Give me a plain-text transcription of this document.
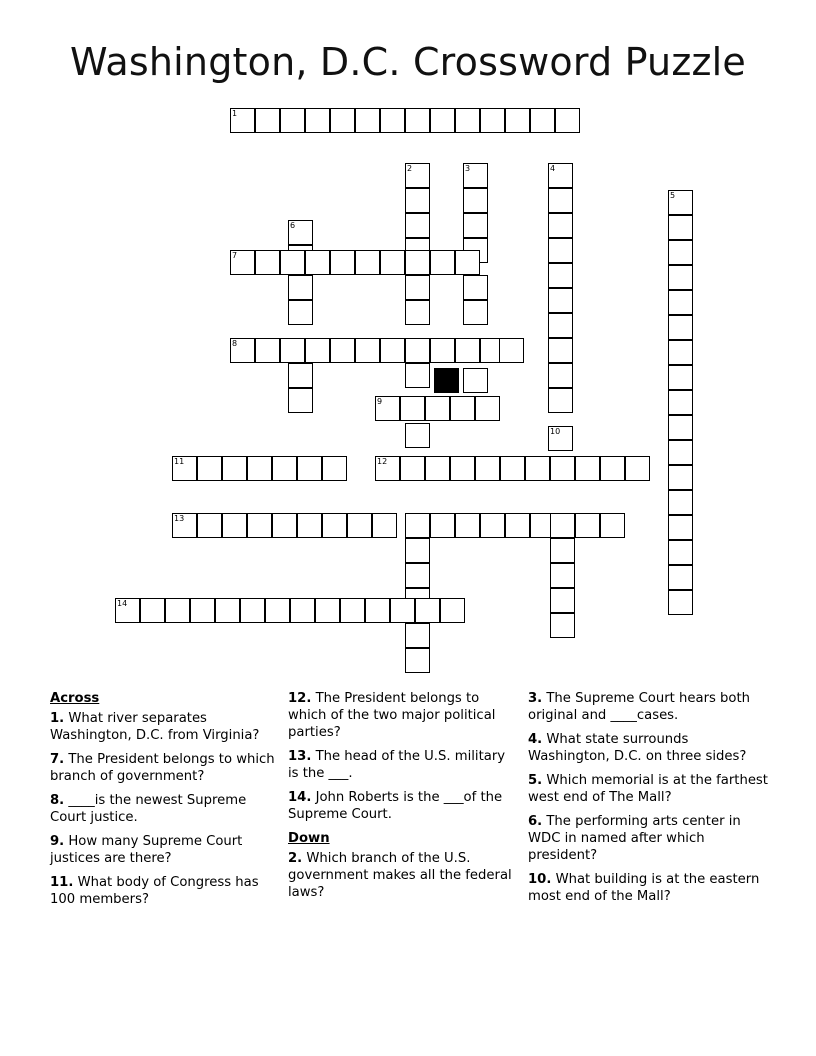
Washington, D.C. Crossword Puzzle
1
2	3	4
5
6
7
8
9
10
11	12
13
14
Across
1. What river separates Washington, D.C. from Virginia?
7. The President belongs to which branch of government?
8. ____is the newest Supreme Court justice.
9. How many Supreme Court justices are there?
11. What body of Congress has 100 members?
12. The President belongs to which of the two major political parties?
13. The head of the U.S. military is the ___.
14. John Roberts is the ___of the Supreme Court.
Down
2. Which branch of the U.S. government makes all the federal laws?
3. The Supreme Court hears both original and ____cases.
4. What state surrounds Washington, D.C. on three sides?
5. Which memorial is at the farthest west end of The Mall?
6. The performing arts center in WDC in named after which president?
10. What building is at the eastern most end of the Mall?
